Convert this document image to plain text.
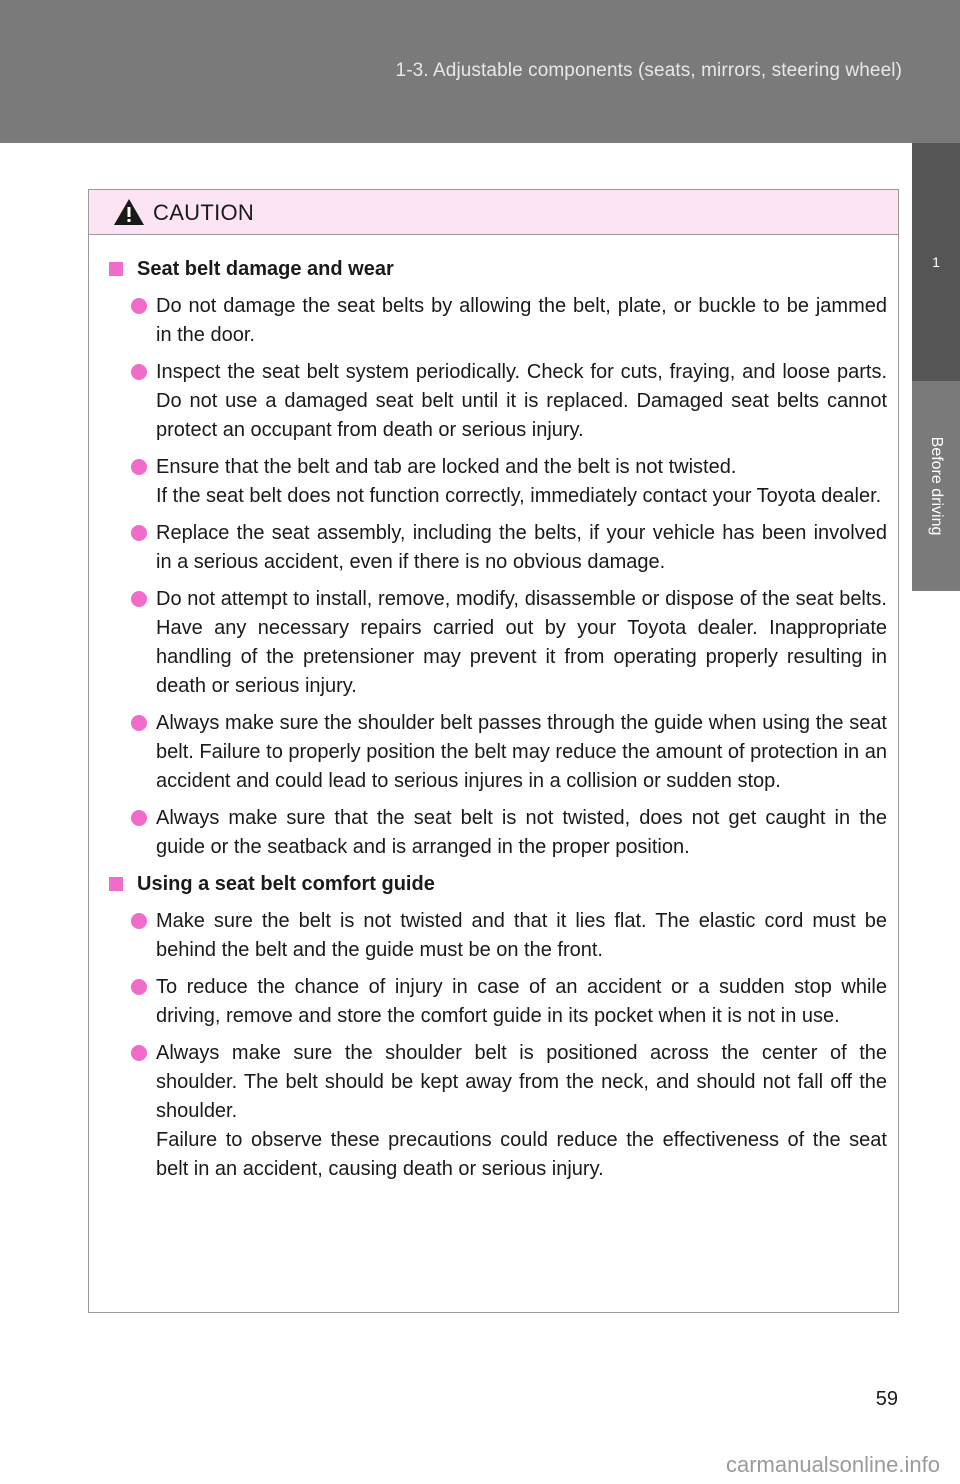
1-3. Adjustable components (seats, mirrors, steering wheel)
1
Before driving
CAUTION
Seat belt damage and wear

Do not damage the seat belts by allowing the belt, plate, or buckle to be jammed in the door.

Inspect the seat belt system periodically. Check for cuts, fraying, and loose parts. Do not use a damaged seat belt until it is replaced. Damaged seat belts cannot protect an occupant from death or serious injury.

Ensure that the belt and tab are locked and the belt is not twisted.

If the seat belt does not function correctly, immediately contact your Toyota dealer.

Replace the seat assembly, including the belts, if your vehicle has been involved in a serious accident, even if there is no obvious damage.

Do not attempt to install, remove, modify, disassemble or dispose of the seat belts. Have any necessary repairs carried out by your Toyota dealer. Inappropriate handling of the pretensioner may prevent it from operating properly resulting in death or serious injury.

Always make sure the shoulder belt passes through the guide when using the seat belt. Failure to properly position the belt may reduce the amount of protection in an accident and could lead to serious injures in a collision or sudden stop.

Always make sure that the seat belt is not twisted, does not get caught in the guide or the seatback and is arranged in the proper position.

Using a seat belt comfort guide

Make sure the belt is not twisted and that it lies flat. The elastic cord must be behind the belt and the guide must be on the front.

To reduce the chance of injury in case of an accident or a sudden stop while driving, remove and store the comfort guide in its pocket when it is not in use.

Always make sure the shoulder belt is positioned across the center of the shoulder. The belt should be kept away from the neck, and should not fall off the shoulder.

Failure to observe these precautions could reduce the effectiveness of the seat belt in an accident, causing death or serious injury.

59
carmanualsonline.info
